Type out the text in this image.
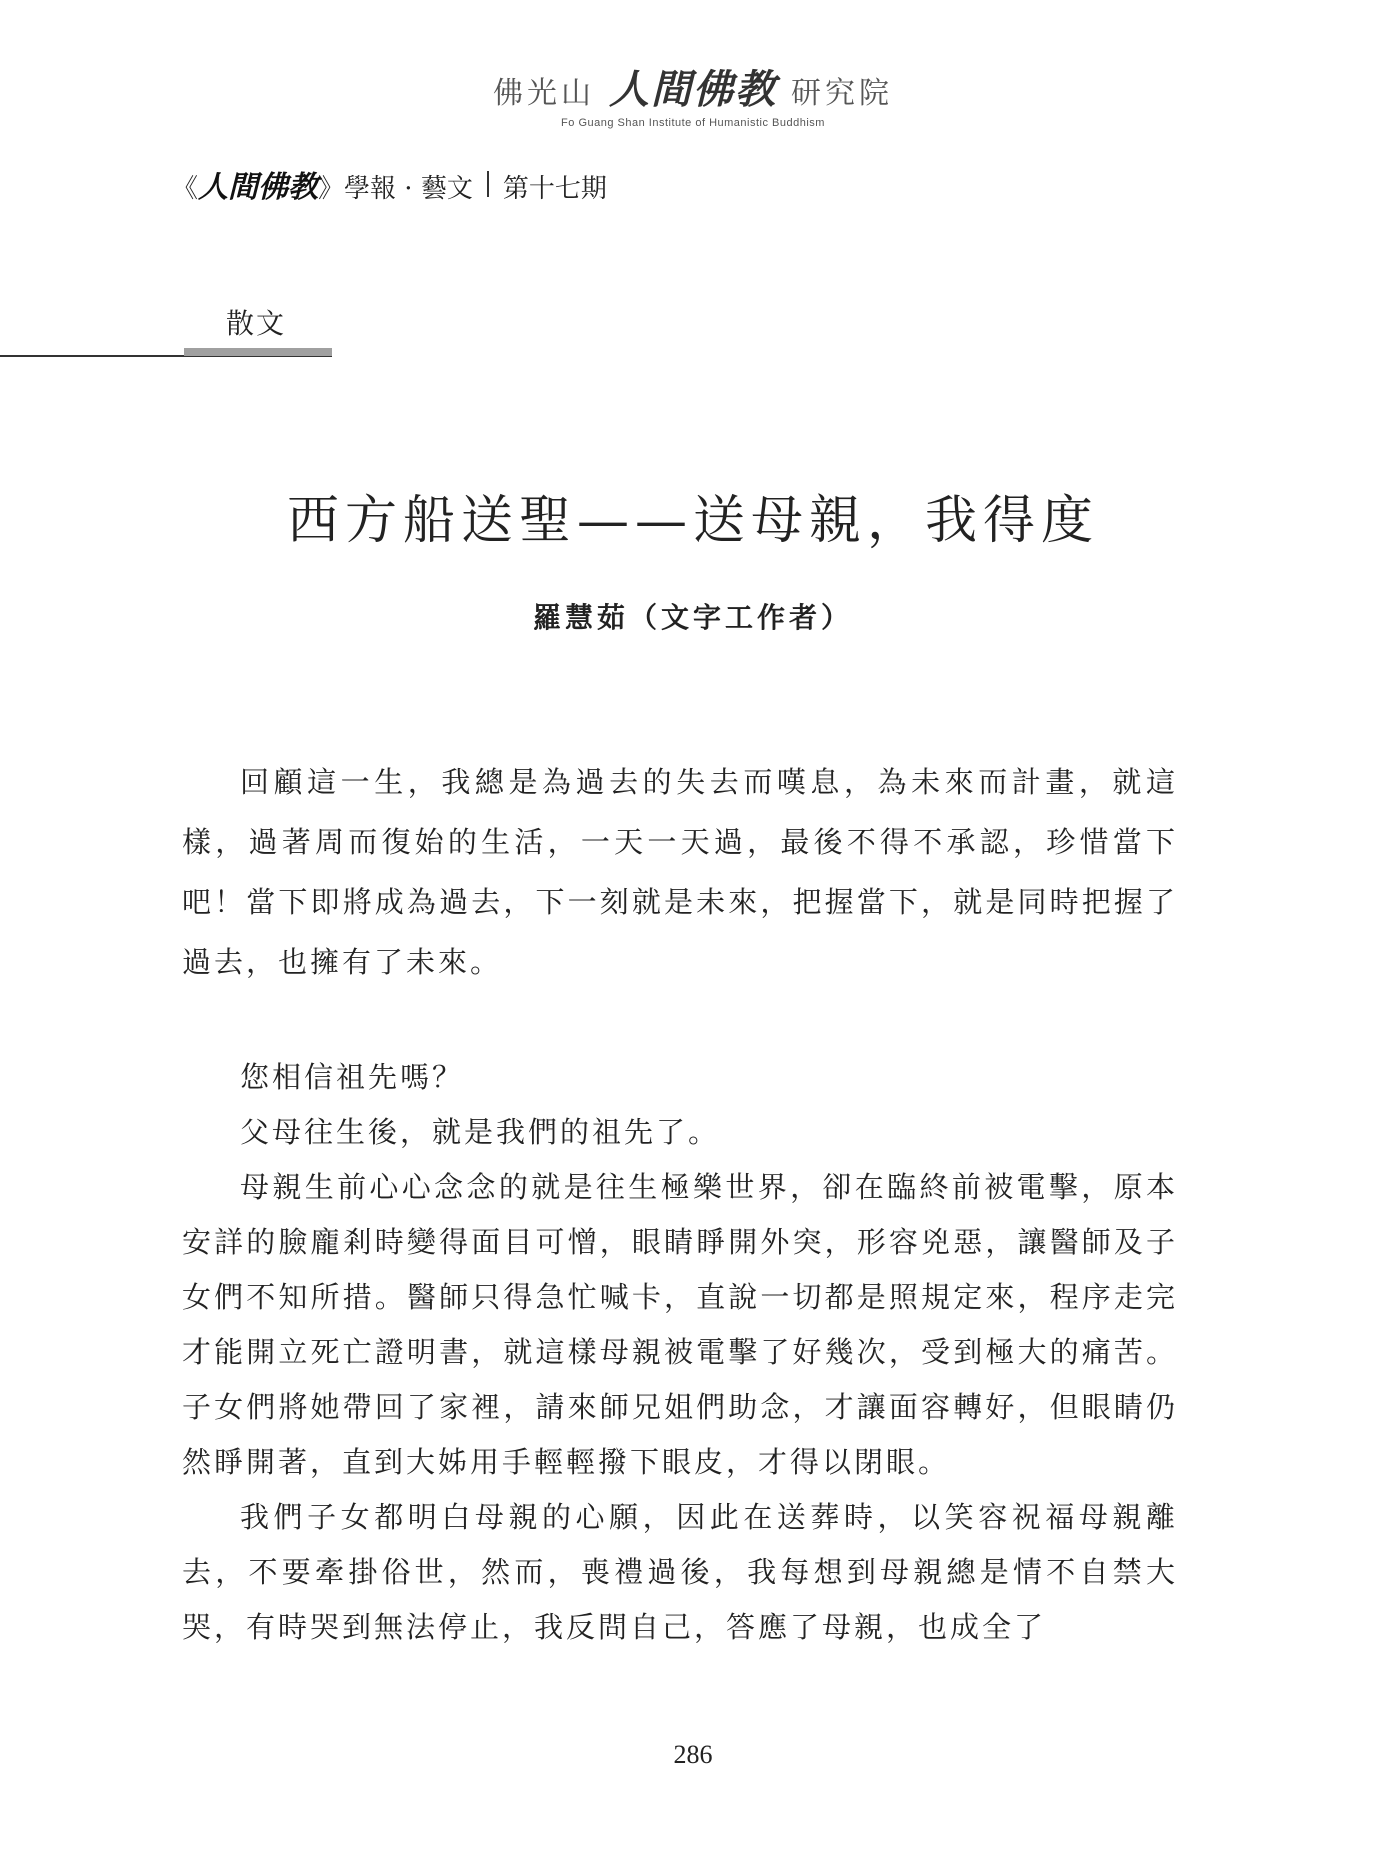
佛光山 人間佛教 研究院
Fo Guang Shan Institute of Humanistic Buddhism
《 人間佛教 》 學報 · 藝文 第十七期
散文
西方船送聖——送母親，我得度
羅慧茹（文字工作者）

回顧這一生，我總是為過去的失去而嘆息，為未來而計畫，就這樣，過著周而復始的生活，一天一天過，最後不得不承認，珍惜當下吧！當下即將成為過去，下一刻就是未來，把握當下，就是同時把握了過去，也擁有了未來。

您相信祖先嗎？

父母往生後，就是我們的祖先了。

母親生前心心念念的就是往生極樂世界，卻在臨終前被電擊，原本安詳的臉龐剎時變得面目可憎，眼睛睜開外突，形容兇惡，讓醫師及子女們不知所措。醫師只得急忙喊卡，直說一切都是照規定來，程序走完才能開立死亡證明書，就這樣母親被電擊了好幾次，受到極大的痛苦。子女們將她帶回了家裡，請來師兄姐們助念，才讓面容轉好，但眼睛仍然睜開著，直到大姊用手輕輕撥下眼皮，才得以閉眼。

我們子女都明白母親的心願，因此在送葬時，以笑容祝福母親離去，不要牽掛俗世，然而，喪禮過後，我每想到母親總是情不自禁大哭，有時哭到無法停止，我反問自己，答應了母親，也成全了

286
